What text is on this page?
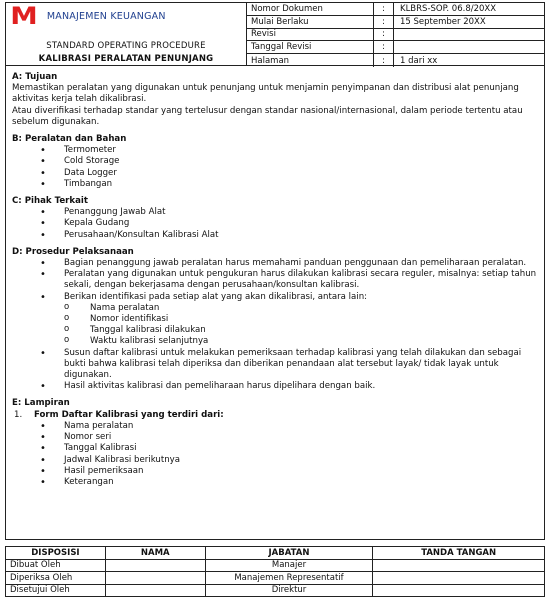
M MANAJEMEN KEUANGAN
STANDARD OPERATING PROCEDURE
KALIBRASI PERALATAN PENUNJANG
Nomor Dokumen	:	KLBRS-SOP. 06.8/20XX
Mulai Berlaku	:	15 September 20XX
Revisi	:
Tanggal Revisi	:
Halaman	:	1 dari xx
A: Tujuan
Memastikan peralatan yang digunakan untuk penunjang untuk menjamin penyimpanan dan distribusi alat penunjang aktivitas kerja telah dikalibrasi.
Atau diverifikasi terhadap standar yang tertelusur dengan standar nasional/internasional, dalam periode tertentu atau sebelum digunakan.
B: Peralatan dan Bahan
• Termometer
• Cold Storage
• Data Logger
• Timbangan
C: Pihak Terkait
• Penanggung Jawab Alat
• Kepala Gudang
• Perusahaan/Konsultan Kalibrasi Alat
D: Prosedur Pelaksanaan
• Bagian penanggung jawab peralatan harus memahami panduan penggunaan dan pemeliharaan peralatan.
• Peralatan yang digunakan untuk pengukuran harus dilakukan kalibrasi secara reguler, misalnya: setiap tahun sekali, dengan bekerjasama dengan perusahaan/konsultan kalibrasi.
• Berikan identifikasi pada setiap alat yang akan dikalibrasi, antara lain:
o Nama peralatan
o Nomor identifikasi
o Tanggal kalibrasi dilakukan
o Waktu kalibrasi selanjutnya
• Susun daftar kalibrasi untuk melakukan pemeriksaan terhadap kalibrasi yang telah dilakukan dan sebagai bukti bahwa kalibrasi telah diperiksa dan diberikan penandaan alat tersebut layak/ tidak layak untuk digunakan.
• Hasil aktivitas kalibrasi dan pemeliharaan harus dipelihara dengan baik.
E: Lampiran
1.	Form Daftar Kalibrasi yang terdiri dari:
• Nama peralatan
• Nomor seri
• Tanggal Kalibrasi
• Jadwal Kalibrasi berikutnya
• Hasil pemeriksaan
• Keterangan
DISPOSISI	NAMA	JABATAN	TANDA TANGAN
Dibuat Oleh		Manajer	
Diperiksa Oleh		Manajemen Representatif	
Disetujui Oleh		Direktur	
